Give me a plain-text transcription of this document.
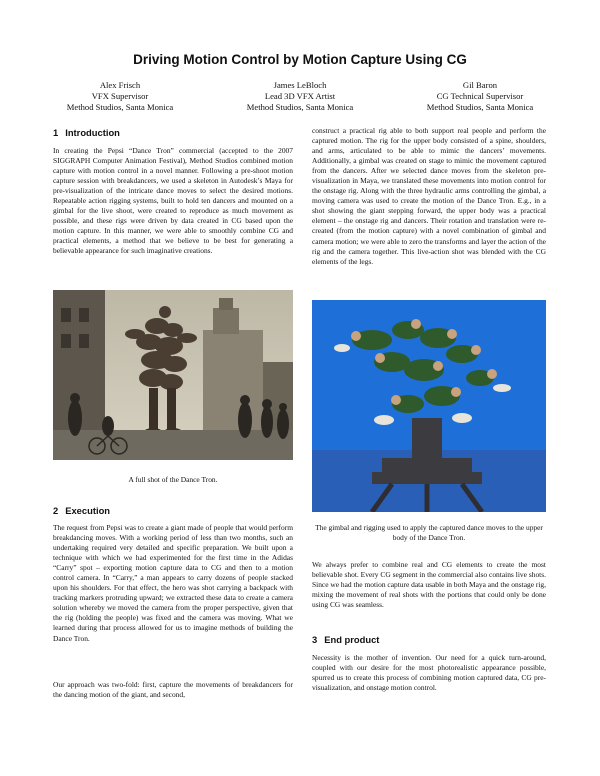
Driving Motion Control by Motion Capture Using CG
Alex Frisch
VFX Supervisor
Method Studios, Santa Monica
James LeBloch
Lead 3D VFX Artist
Method Studios, Santa Monica
Gil Baron
CG Technical Supervisor
Method Studios, Santa Monica
1 Introduction

In creating the Pepsi “Dance Tron” commercial (accepted to the 2007 SIGGRAPH Computer Animation Festival), Method Studios combined motion capture with motion control in a novel manner. Following a pre-shoot motion capture session with breakdancers, we used a skeleton in Autodesk’s Maya for pre-visualization of the intricate dance moves to select the desired motions. Repeatable action rigging systems, built to hold ten dancers and mounted on a gimbal for the live shoot, were created to reproduce as much movement as possible, and these rigs were driven by data created in CG based upon the motion capture. In this manner, we were able to smoothly combine CG and practical elements, a method that we believe to be best for generating a believable appearance for such imaginative creations.

A full shot of the Dance Tron.

2 Execution

The request from Pepsi was to create a giant made of people that would perform breakdancing moves. With a working period of less than two months, such an undertaking required very detailed and specific preparation. We built upon a technique with which we had experimented for the first time in the Adidas “Carry” spot – exporting motion capture data to CG and then to a motion control camera. In “Carry,” a man appears to carry dozens of people stacked upon his shoulders. For that effect, the hero was shot carrying a backpack with tracking markers protruding upward; we extracted these data to create a camera solution whereby we moved the camera from the proper perspective, given that the rig (holding the people) was fixed and the camera was moving. What we learned during that process allowed for us to imagine methods of building the Dance Tron.

Our approach was two-fold: first, capture the movements of breakdancers for the dancing motion of the giant, and second,

construct a practical rig able to both support real people and perform the captured motion. The rig for the upper body consisted of a spine, shoulders, and arms, articulated to be able to mimic the dancers’ movements. Additionally, a gimbal was created on stage to mimic the movement captured from the dancers. After we selected dance moves from the skeleton pre-visualization in Maya, we translated these movements into motion control for the onstage rig. Along with the three hydraulic arms controlling the gimbal, a moving camera was used to create the motion of the Dance Tron. E.g., in a shot showing the giant stepping forward, the upper body was a practical element – the onstage rig and dancers. Their rotation and translation were re-created (from the motion capture) with a novel combination of gimbal and camera motion; we were able to zero the transforms and layer the action of the rig and the camera together. This live-action shot was blended with the CG elements of the legs.

The gimbal and rigging used to apply the captured dance moves to the upper body of the Dance Tron.

We always prefer to combine real and CG elements to create the most believable shot. Every CG segment in the commercial also contains live shots. Since we had the motion capture data usable in both Maya and the onstage rig, mixing the movement of real shots with the portions that could only be done using CG was seamless.

3 End product

Necessity is the mother of invention. Our need for a quick turn-around, coupled with our desire for the most photorealistic appearance possible, spurred us to create this process of combining motion captured data, CG pre-visualization, and onstage motion control.
